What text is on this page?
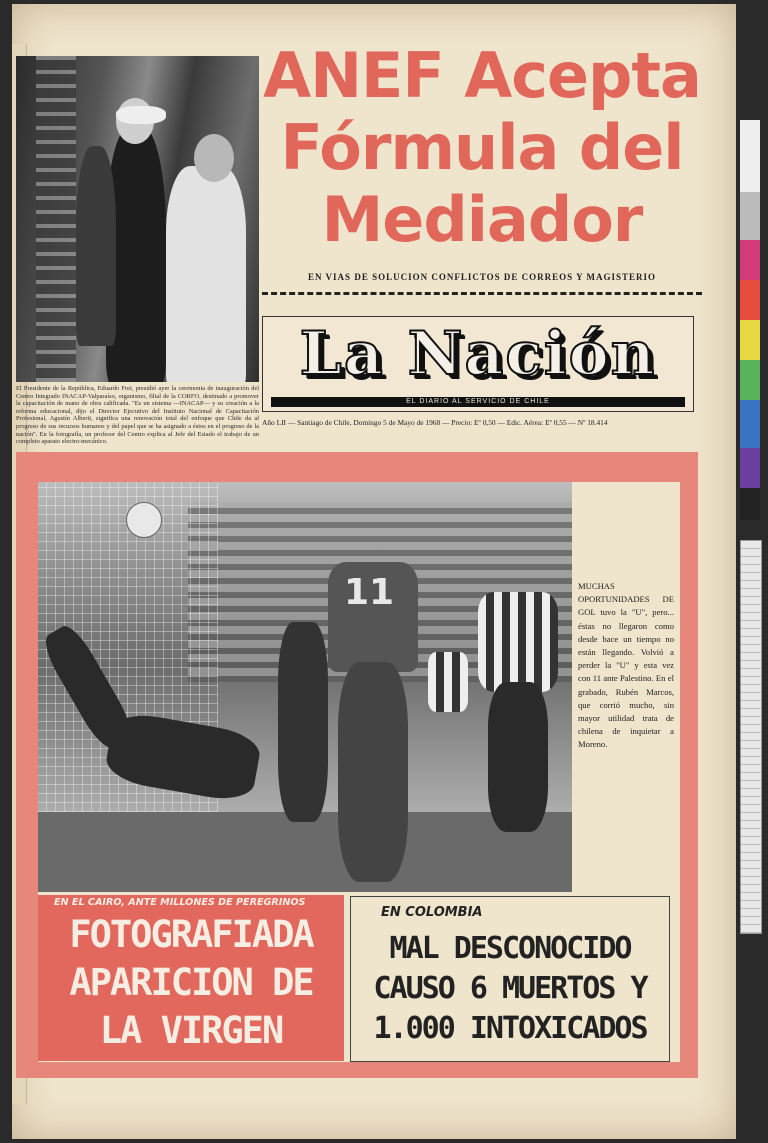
El Presidente de la República, Eduardo Frei, presidió ayer la ceremonia de inauguración del Centro Integrado INACAP-Valparaíso, organismo, filial de la CORFO, destinado a promover la capacitación de mano de obra calificada. "Es un sistema —INACAP— y su creación a la reforma educacional, dijo el Director Ejecutivo del Instituto Nacional de Capacitación Profesional, Agustín Alberti, significa una renovación total del enfoque que Chile da al progreso de sus recursos humanos y del papel que se ha asignado a éstos en el progreso de la nación". En la fotografía, un profesor del Centro explica al Jefe del Estado el trabajo de un completo aparato electro-mecánico.
ANEF Acepta
Fórmula del
Mediador
EN VIAS DE SOLUCION CONFLICTOS DE CORREOS Y MAGISTERIO
La Nación
EL DIARIO AL SERVICIO DE CHILE
Año LII — Santiago de Chile, Domingo 5 de Mayo de 1968 — Precio: Eº 0,50 — Edic. Aérea: Eº 0,55 — Nº 18.414
11	MUCHAS OPORTUNIDADES DE GOL tuvo la "U", pero... éstas no llegaron como desde hace un tiempo no están llegando. Volvió a perder la "U" y esta vez con 11 ante Palestino. En el grabado, Rubén Marcos, que corrió mucho, sin mayor utilidad trata de chilena de inquietar a Moreno.
EN EL CAIRO, ANTE MILLONES DE PEREGRINOS
FOTOGRAFIADA
APARICION DE
LA VIRGEN
EN COLOMBIA
MAL DESCONOCIDO
CAUSO 6 MUERTOS Y
1.000 INTOXICADOS
